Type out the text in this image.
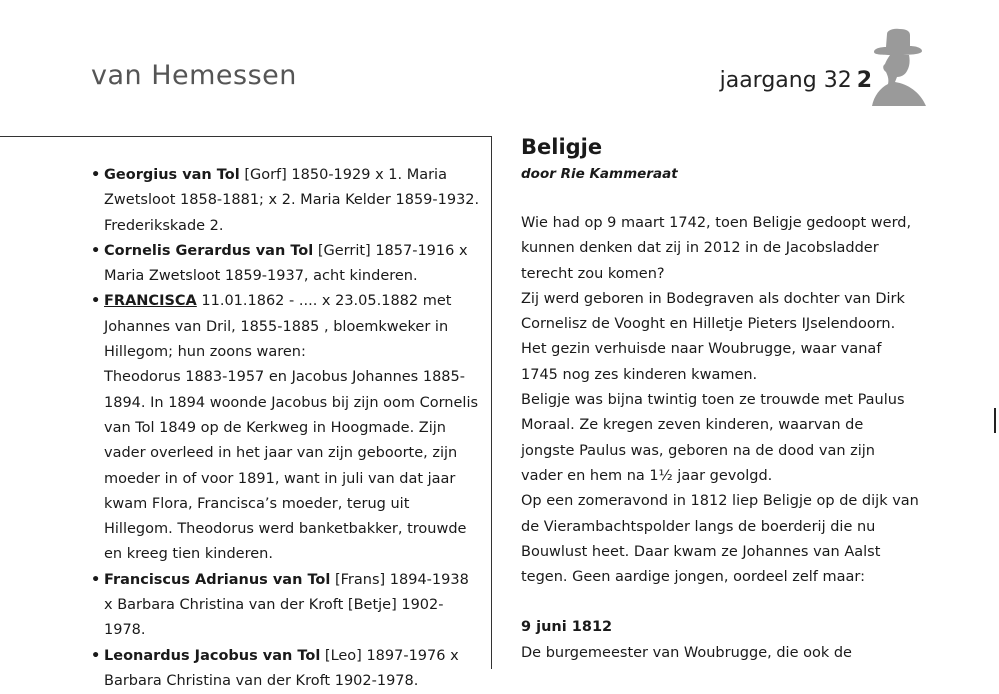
van Hemessen	jaargang 32 2
• Georgius van Tol [Gorf] 1850-1929 x 1. Maria Zwetsloot 1858-1881; x 2. Maria Kelder 1859-1932. Frederikskade 2.
• Cornelis Gerardus van Tol [Gerrit] 1857-1916 x Maria Zwetsloot 1859-1937, acht kinderen.
• FRANCISCA 11.01.1862 - .... x 23.05.1882 met Johannes van Dril, 1855-1885 , bloemkweker in Hillegom; hun zoons waren:
Theodorus 1883-1957 en Jacobus Johannes 1885-1894. In 1894 woonde Jacobus bij zijn oom Cornelis van Tol 1849 op de Kerkweg in Hoogmade. Zijn vader overleed in het jaar van zijn geboorte, zijn moeder in of voor 1891, want in juli van dat jaar kwam Flora, Francisca’s moeder, terug uit Hillegom. Theodorus werd banketbakker, trouwde en kreeg tien kinderen.
• Franciscus Adrianus van Tol [Frans] 1894-1938 x Barbara Christina van der Kroft [Betje] 1902-1978.
• Leonardus Jacobus van Tol [Leo] 1897-1976 x Barbara Christina van der Kroft 1902-1978.
Beligje

door Rie Kammeraat

Wie had op 9 maart 1742, toen Beligje gedoopt werd, kunnen denken dat zij in 2012 in de Jacobsladder terecht zou komen?

Zij werd geboren in Bodegraven als dochter van Dirk Cornelisz de Vooght en Hilletje Pieters IJselendoorn. Het gezin verhuisde naar Woubrugge, waar vanaf 1745 nog zes kinderen kwamen.

Beligje was bijna twintig toen ze trouwde met Paulus Moraal. Ze kregen zeven kinderen, waarvan de jongste Paulus was, geboren na de dood van zijn vader en hem na 1½ jaar gevolgd.

Op een zomeravond in 1812 liep Beligje op de dijk van de Vierambachtspolder langs de boerderij die nu Bouwlust heet. Daar kwam ze Johannes van Aalst tegen. Geen aardige jongen, oordeel zelf maar:

9 juni 1812

De burgemeester van Woubrugge, die ook de
